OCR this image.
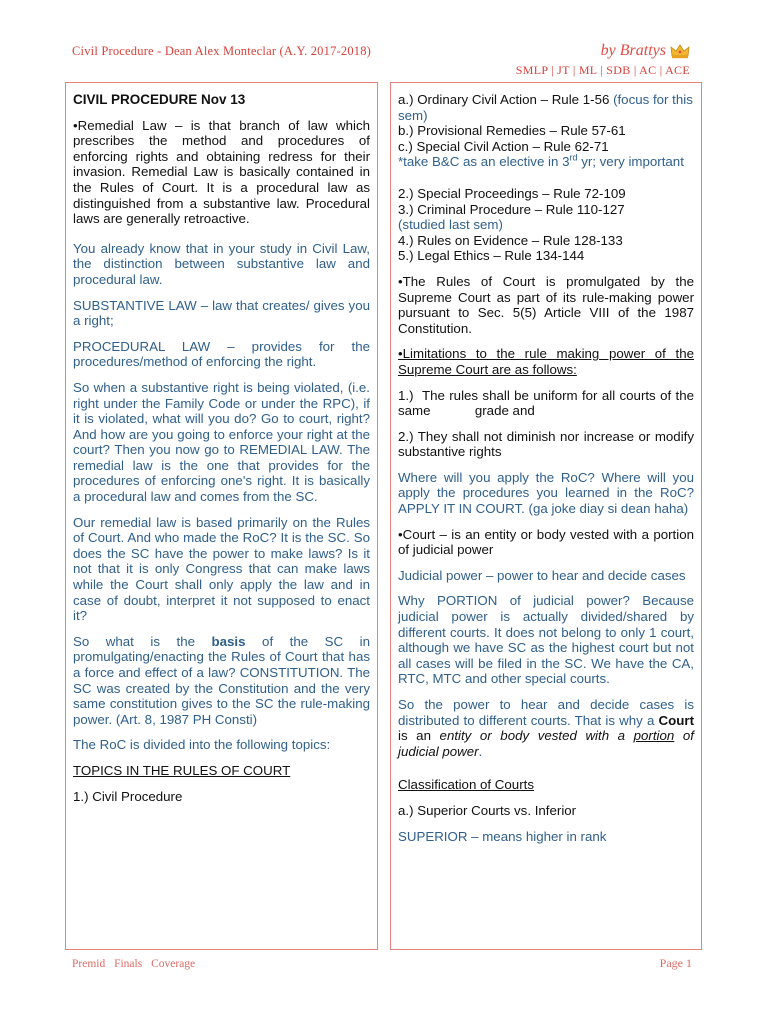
Civil Procedure - Dean Alex Monteclar (A.Y. 2017-2018)	by Brattys
SMLP | JT | ML | SDB | AC | ACE
CIVIL PROCEDURE Nov 13

•Remedial Law – is that branch of law which prescribes the method and procedures of enforcing rights and obtaining redress for their invasion. Remedial Law is basically contained in the Rules of Court. It is a procedural law as distinguished from a substantive law. Procedural laws are generally retroactive.

You already know that in your study in Civil Law, the distinction between substantive law and procedural law.

SUBSTANTIVE LAW – law that creates/ gives you a right;

PROCEDURAL LAW – provides for the procedures/method of enforcing the right.

So when a substantive right is being violated, (i.e. right under the Family Code or under the RPC), if it is violated, what will you do? Go to court, right? And how are you going to enforce your right at the court? Then you now go to REMEDIAL LAW. The remedial law is the one that provides for the procedures of enforcing one's right. It is basically a procedural law and comes from the SC.

Our remedial law is based primarily on the Rules of Court. And who made the RoC? It is the SC. So does the SC have the power to make laws? Is it not that it is only Congress that can make laws while the Court shall only apply the law and in case of doubt, interpret it not supposed to enact it?

So what is the basis of the SC in promulgating/enacting the Rules of Court that has a force and effect of a law? CONSTITUTION. The SC was created by the Constitution and the very same constitution gives to the SC the rule-making power. (Art. 8, 1987 PH Consti)

The RoC is divided into the following topics:

TOPICS IN THE RULES OF COURT

1.) Civil Procedure

a.) Ordinary Civil Action – Rule 1-56 (focus for this sem)
b.) Provisional Remedies – Rule 57-61
c.) Special Civil Action – Rule 62-71
*take B&C as an elective in 3rd yr; very important
2.) Special Proceedings – Rule 72-109
3.) Criminal Procedure – Rule 110-127
(studied last sem)
4.) Rules on Evidence – Rule 128-133
5.) Legal Ethics – Rule 134-144

•The Rules of Court is promulgated by the Supreme Court as part of its rule-making power pursuant to Sec. 5(5) Article VIII of the 1987 Constitution.

•Limitations to the rule making power of the Supreme Court are as follows:

1.)  The rules shall be uniform for all courts of the same            grade and

2.) They shall not diminish nor increase or modify substantive rights

Where will you apply the RoC? Where will you apply the procedures you learned in the RoC? APPLY IT IN COURT. (ga joke diay si dean haha)

•Court – is an entity or body vested with a portion of judicial power

Judicial power – power to hear and decide cases

Why PORTION of judicial power? Because judicial power is actually divided/shared by different courts. It does not belong to only 1 court, although we have SC as the highest court but not all cases will be filed in the SC. We have the CA, RTC, MTC and other special courts.

So the power to hear and decide cases is distributed to different courts. That is why a Court is an entity or body vested with a portion of judicial power.

Classification of Courts

a.) Superior Courts vs. Inferior

SUPERIOR – means higher in rank

Premid Finals Coverage	Page 1
